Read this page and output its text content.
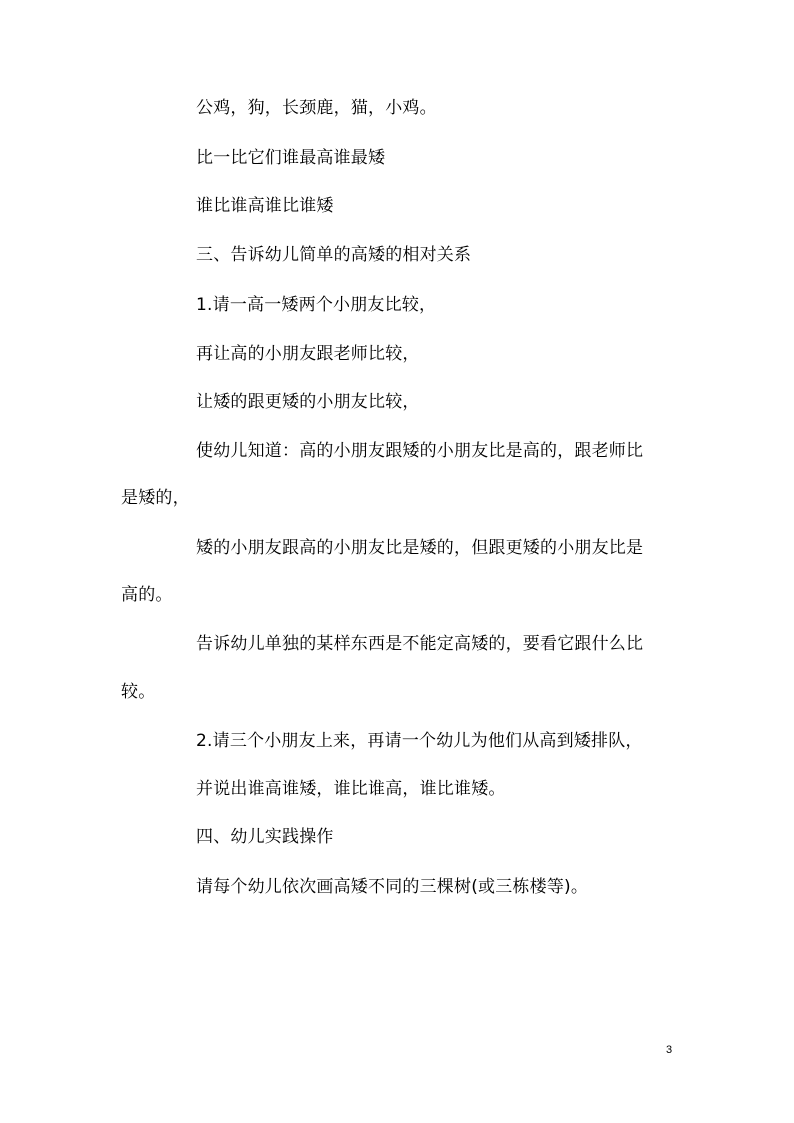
公鸡，狗，长颈鹿，猫，小鸡。
比一比它们谁最高谁最矮
谁比谁高谁比谁矮
三、告诉幼儿简单的高矮的相对关系
1.请一高一矮两个小朋友比较，
再让高的小朋友跟老师比较，
让矮的跟更矮的小朋友比较，
使幼儿知道：高的小朋友跟矮的小朋友比是高的，跟老师比
是矮的，
矮的小朋友跟高的小朋友比是矮的，但跟更矮的小朋友比是
高的。
告诉幼儿单独的某样东西是不能定高矮的，要看它跟什么比
较。
2.请三个小朋友上来，再请一个幼儿为他们从高到矮排队，
并说出谁高谁矮，谁比谁高，谁比谁矮。
四、幼儿实践操作
请每个幼儿依次画高矮不同的三棵树(或三栋楼等)。
3
